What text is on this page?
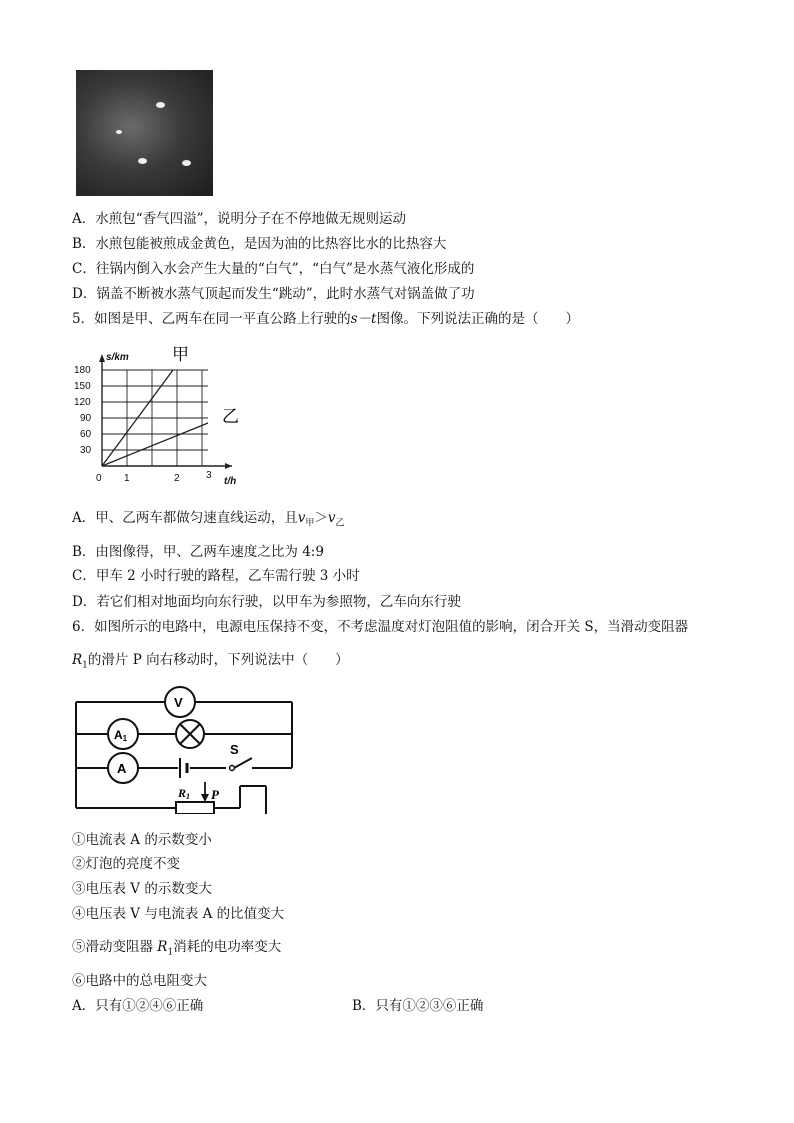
A．水煎包“香气四溢”，说明分子在不停地做无规则运动
B．水煎包能被煎成金黄色，是因为油的比热容比水的比热容大
C．往锅内倒入水会产生大量的“白气”，“白气”是水蒸气液化形成的
D．锅盖不断被水蒸气顶起而发生“跳动”，此时水蒸气对锅盖做了功
5．如图是甲、乙两车在同一平直公路上行驶的s－t图像。下列说法正确的是（　　）
s/km
t/h
180
150
120
90
60
30
0 1	2	3
甲
乙
A．甲、乙两车都做匀速直线运动，且$v_甲>v_乙$
B．由图像得，甲、乙两车速度之比为 4:9
C．甲车 2 小时行驶的路程，乙车需行驶 3 小时
D．若它们相对地面均向东行驶，以甲车为参照物，乙车向东行驶
6．如图所示的电路中，电源电压保持不变，不考虑温度对灯泡阻值的影响，闭合开关 S，当滑动变阻器
$R_1$的滑片 P 向右移动时，下列说法中（　　）
V
A1
A
S
R1 P
①电流表 A 的示数变小
②灯泡的亮度不变
③电压表 V 的示数变大
④电压表 V 与电流表 A 的比值变大
⑤滑动变阻器 $R_1$消耗的电功率变大
⑥电路中的总电阻变大
A．只有①②④⑥正确	B．只有①②③⑥正确
